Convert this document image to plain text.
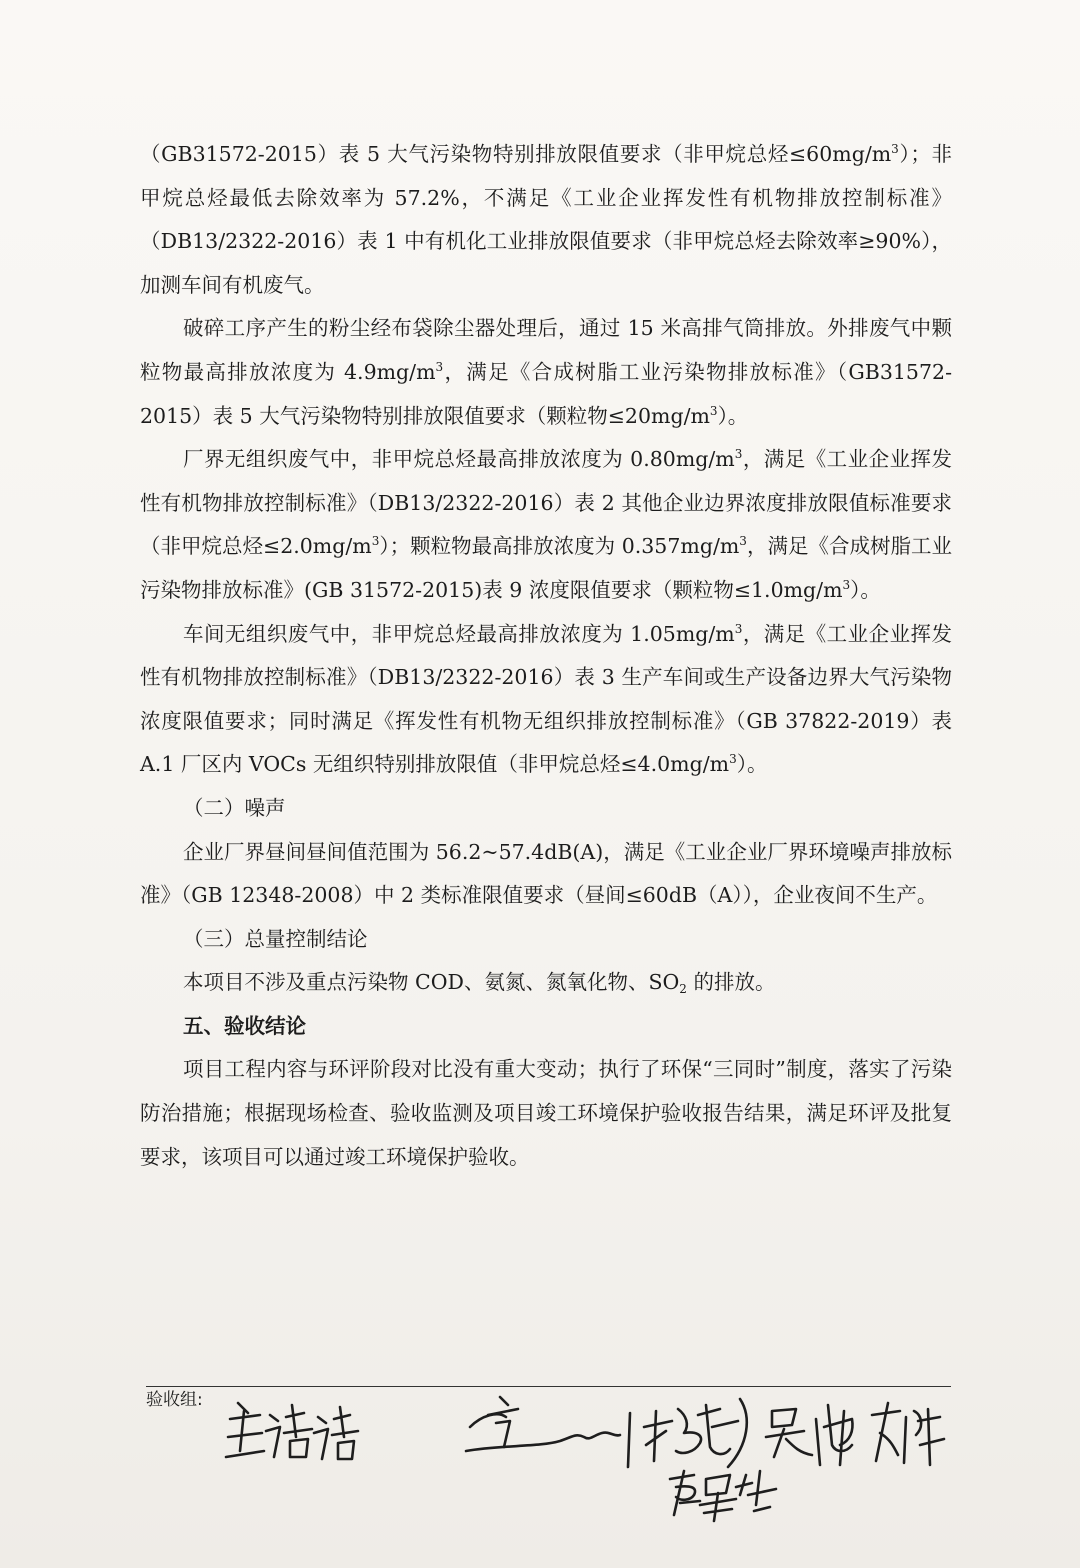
（GB31572-2015）表 5 大气污染物特别排放限值要求（非甲烷总烃$\le 60mg/m^3$）；非甲烷总烃最低去除效率为 57.2%，不满足《工业企业挥发性有机物排放控制标准》（DB13/2322-2016）表 1 中有机化工业排放限值要求（非甲烷总烃去除效率≥90%），加测车间有机废气。

破碎工序产生的粉尘经布袋除尘器处理后，通过 15 米高排气筒排放。外排废气中颗粒物最高排放浓度为 $4.9mg/m^3$，满足《合成树脂工业污染物排放标准》（GB31572-2015）表 5 大气污染物特别排放限值要求（颗粒物$\le 20mg/m^3$）。

厂界无组织废气中，非甲烷总烃最高排放浓度为 $0.80mg/m^3$，满足《工业企业挥发性有机物排放控制标准》（DB13/2322-2016）表 2 其他企业边界浓度排放限值标准要求（非甲烷总烃$\le 2.0mg/m^3$）；颗粒物最高排放浓度为 $0.357mg/m^3$，满足《合成树脂工业污染物排放标准》(GB 31572-2015)表 9 浓度限值要求（颗粒物$\le 1.0mg/m^3$）。

车间无组织废气中，非甲烷总烃最高排放浓度为 $1.05mg/m^3$，满足《工业企业挥发性有机物排放控制标准》（DB13/2322-2016）表 3 生产车间或生产设备边界大气污染物浓度限值要求；同时满足《挥发性有机物无组织排放控制标准》（GB 37822-2019）表 A.1 厂区内 VOCs 无组织特别排放限值（非甲烷总烃$\le 4.0mg/m^3$）。

（二）噪声

企业厂界昼间昼间值范围为 56.2~57.4dB(A)，满足《工业企业厂界环境噪声排放标准》（GB 12348-2008）中 2 类标准限值要求（昼间≤60dB（A）），企业夜间不生产。

（三）总量控制结论

本项目不涉及重点污染物 COD、氨氮、氮氧化物、$SO_2$ 的排放。

五、验收结论

项目工程内容与环评阶段对比没有重大变动；执行了环保“三同时”制度，落实了污染防治措施；根据现场检查、验收监测及项目竣工环境保护验收报告结果，满足环评及批复要求，该项目可以通过竣工环境保护验收。

验收组:
